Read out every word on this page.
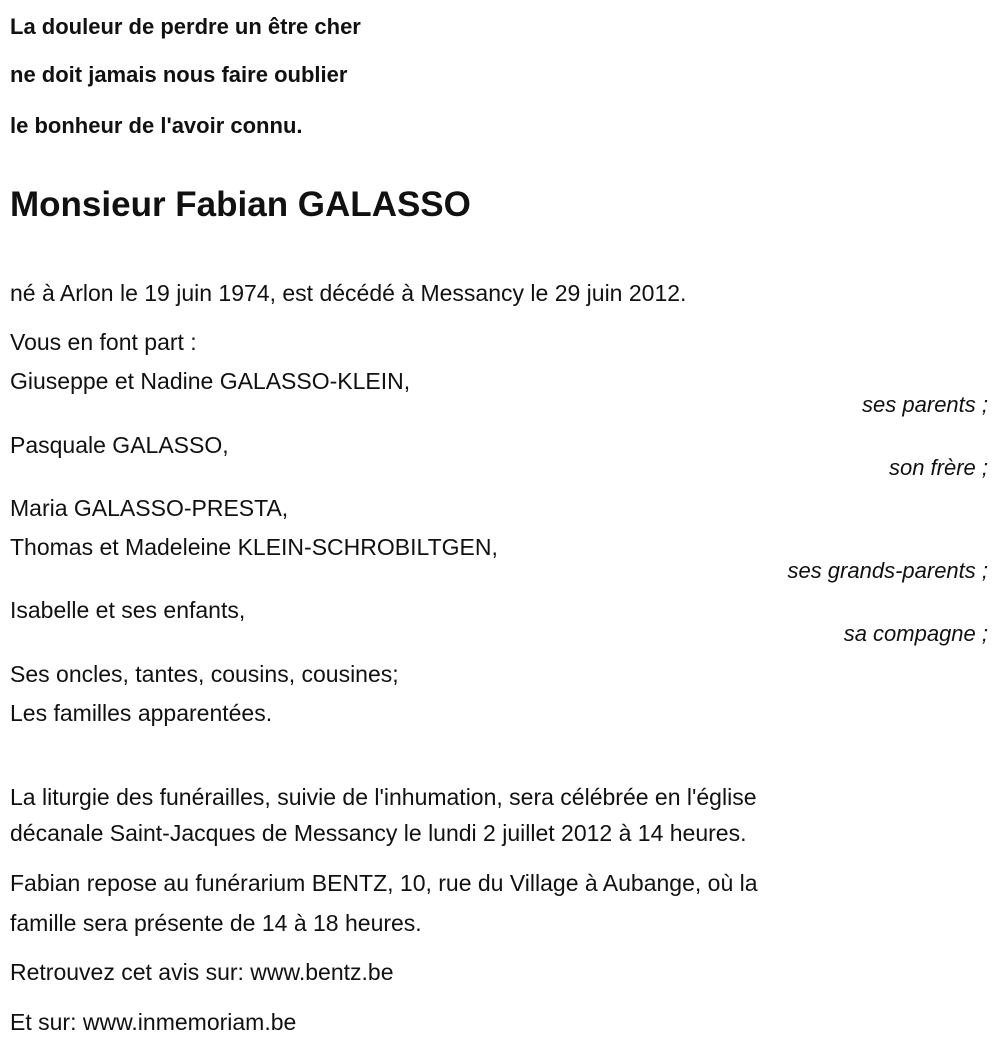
La douleur de perdre un être cher
ne doit jamais nous faire oublier
le bonheur de l'avoir connu.
Monsieur Fabian GALASSO
né à Arlon le 19 juin 1974, est décédé à Messancy le 29 juin 2012.
Vous en font part :
Giuseppe et Nadine GALASSO-KLEIN,
ses parents ;
Pasquale GALASSO,
son frère ;
Maria GALASSO-PRESTA,
Thomas et Madeleine KLEIN-SCHROBILTGEN,
ses grands-parents ;
Isabelle et ses enfants,
sa compagne ;
Ses oncles, tantes, cousins, cousines;
Les familles apparentées.
La liturgie des funérailles, suivie de l'inhumation, sera célébrée en l'église
décanale Saint-Jacques de Messancy le lundi 2 juillet 2012 à 14 heures.
Fabian repose au funérarium BENTZ, 10, rue du Village à Aubange, où la
famille sera présente de 14 à 18 heures.
Retrouvez cet avis sur: www.bentz.be
Et sur: www.inmemoriam.be
